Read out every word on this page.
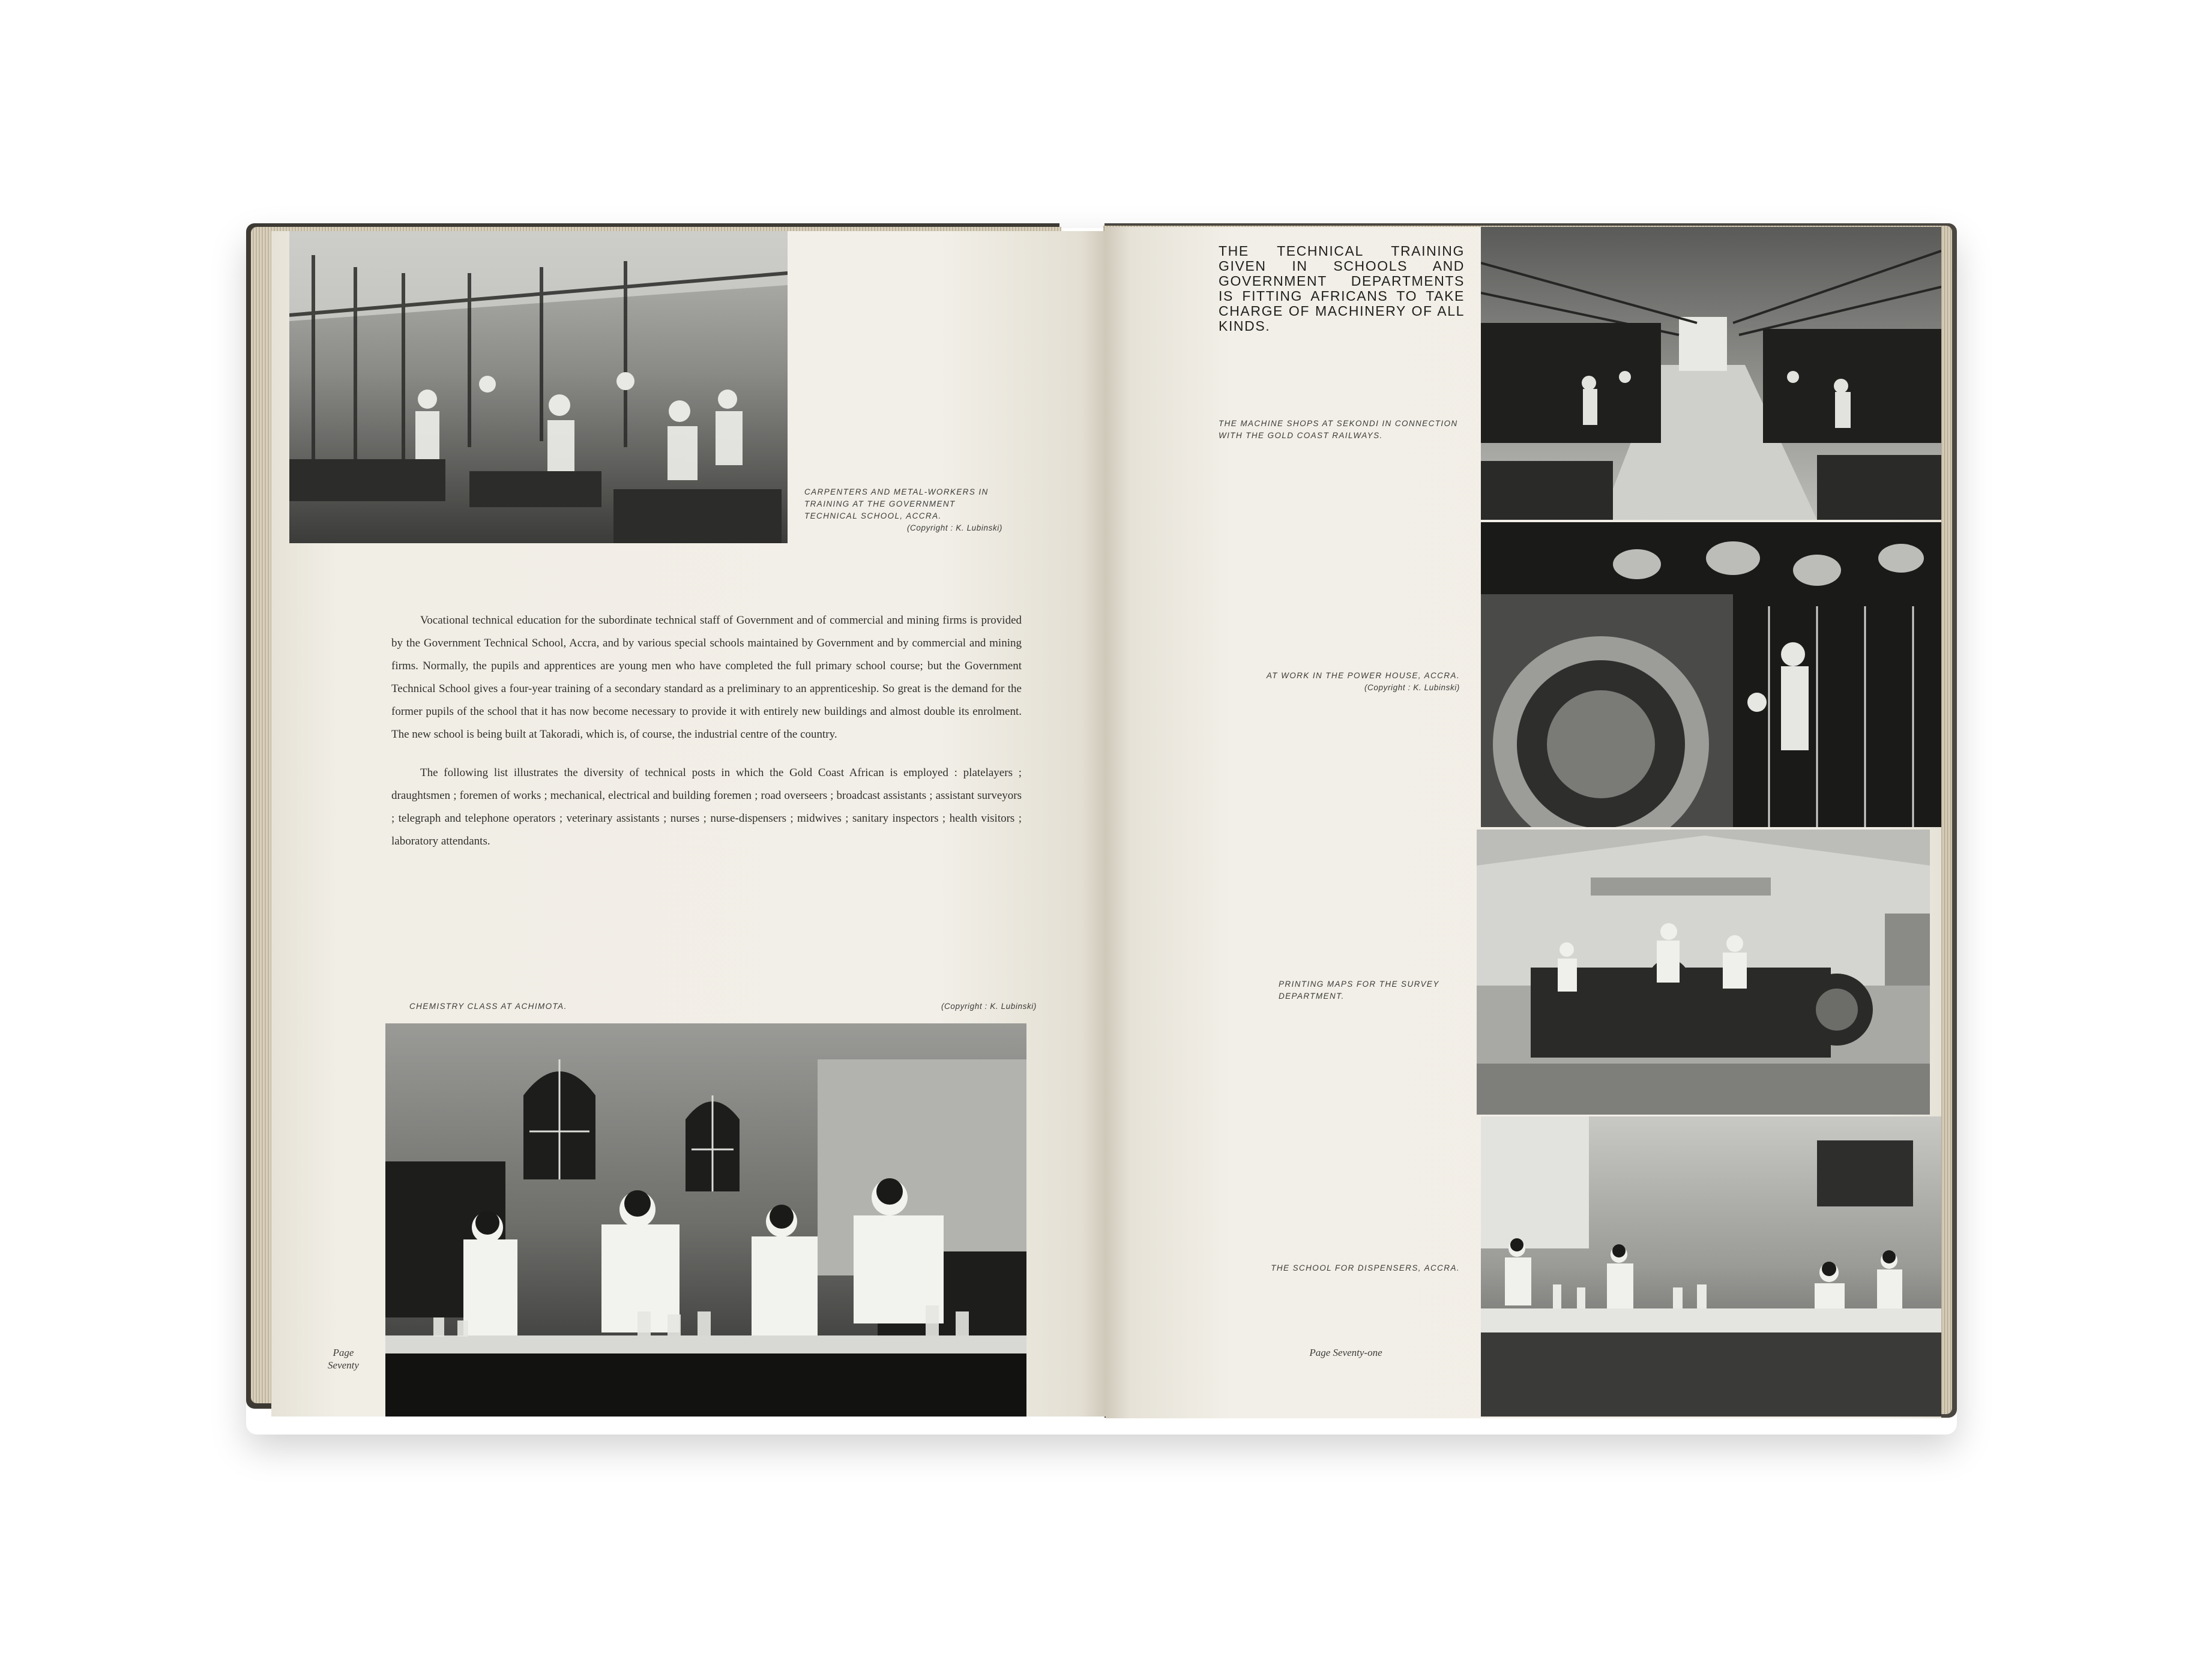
CARPENTERS AND METAL-WORKERS IN TRAINING AT THE GOVERNMENT TECHNICAL SCHOOL, ACCRA.
(Copyright : K. Lubinski)

Vocational technical education for the subordinate technical staff of Government and of commercial and mining firms is provided by the Government Technical School, Accra, and by various special schools maintained by Government and by commercial and mining firms. Normally, the pupils and apprentices are young men who have completed the full primary school course; but the Government Technical School gives a four-year training of a secondary standard as a preliminary to an apprenticeship. So great is the demand for the former pupils of the school that it has now become necessary to provide it with entirely new buildings and almost double its enrolment. The new school is being built at Takoradi, which is, of course, the industrial centre of the country.

The following list illustrates the diversity of technical posts in which the Gold Coast African is employed : platelayers ; draughtsmen ; foremen of works ; mechanical, electrical and building foremen ; road overseers ; broadcast assistants ; assistant surveyors ; telegraph and telephone operators ; veterinary assistants ; nurses ; nurse-dispensers ; midwives ; sanitary inspectors ; health visitors ; laboratory attendants.

CHEMISTRY CLASS AT ACHIMOTA.	(Copyright : K. Lubinski)
Page
Seventy
THE TECHNICAL TRAINING GIVEN IN SCHOOLS AND GOVERNMENT DEPARTMENTS IS FITTING AFRICANS TO TAKE CHARGE OF MACHINERY OF ALL KINDS.
THE MACHINE SHOPS AT SEKONDI IN CONNECTION WITH THE GOLD COAST RAILWAYS.
AT WORK IN THE POWER HOUSE, ACCRA.
(Copyright : K. Lubinski)
PRINTING MAPS FOR THE SURVEY DEPARTMENT.
THE SCHOOL FOR DISPENSERS, ACCRA.
Page Seventy-one
